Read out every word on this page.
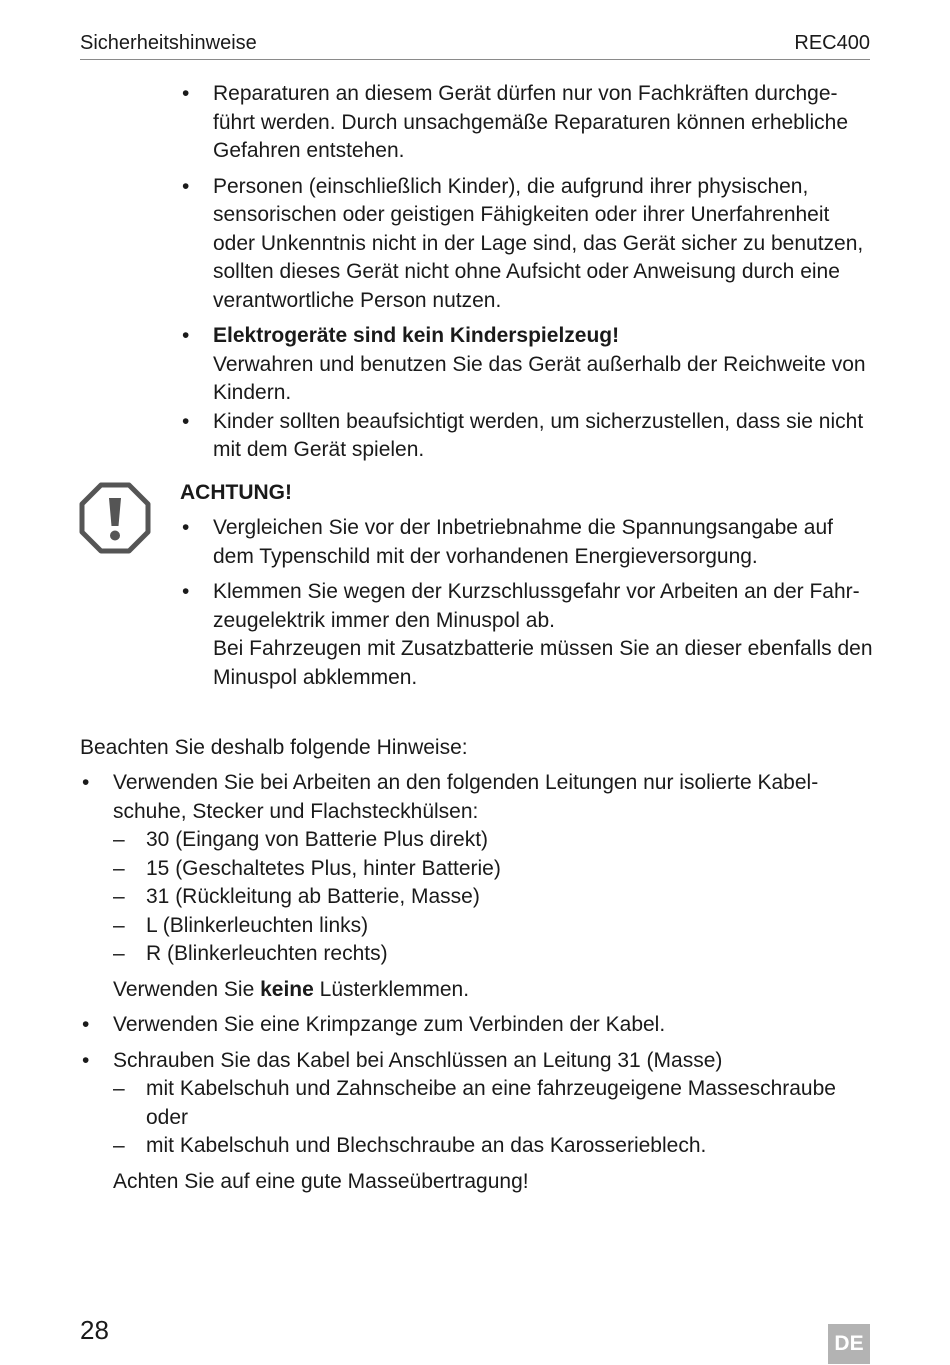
Sicherheitshinweise	REC400
• Reparaturen an diesem Gerät dürfen nur von Fachkräften durchge-
führt werden. Durch unsachgemäße Reparaturen können erhebliche
Gefahren entstehen.
• Personen (einschließlich Kinder), die aufgrund ihrer physischen,
sensorischen oder geistigen Fähigkeiten oder ihrer Unerfahrenheit
oder Unkenntnis nicht in der Lage sind, das Gerät sicher zu benutzen,
sollten dieses Gerät nicht ohne Aufsicht oder Anweisung durch eine
verantwortliche Person nutzen.
• Elektrogeräte sind kein Kinderspielzeug!
Verwahren und benutzen Sie das Gerät außerhalb der Reichweite von
Kindern.
• Kinder sollten beaufsichtigt werden, um sicherzustellen, dass sie nicht
mit dem Gerät spielen.
ACHTUNG!
• Vergleichen Sie vor der Inbetriebnahme die Spannungsangabe auf
dem Typenschild mit der vorhandenen Energieversorgung.
• Klemmen Sie wegen der Kurzschlussgefahr vor Arbeiten an der Fahr-
zeugelektrik immer den Minuspol ab.
Bei Fahrzeugen mit Zusatzbatterie müssen Sie an dieser ebenfalls den
Minuspol abklemmen.
Beachten Sie deshalb folgende Hinweise:
• Verwenden Sie bei Arbeiten an den folgenden Leitungen nur isolierte Kabel-
schuhe, Stecker und Flachsteckhülsen:
– 30 (Eingang von Batterie Plus direkt)
– 15 (Geschaltetes Plus, hinter Batterie)
– 31 (Rückleitung ab Batterie, Masse)
– L (Blinkerleuchten links)
– R (Blinkerleuchten rechts)
Verwenden Sie keine Lüsterklemmen.
• Verwenden Sie eine Krimpzange zum Verbinden der Kabel.
• Schrauben Sie das Kabel bei Anschlüssen an Leitung 31 (Masse)
– mit Kabelschuh und Zahnscheibe an eine fahrzeugeigene Masseschraube
oder
– mit Kabelschuh und Blechschraube an das Karosserieblech.
Achten Sie auf eine gute Masseübertragung!
28	DE
